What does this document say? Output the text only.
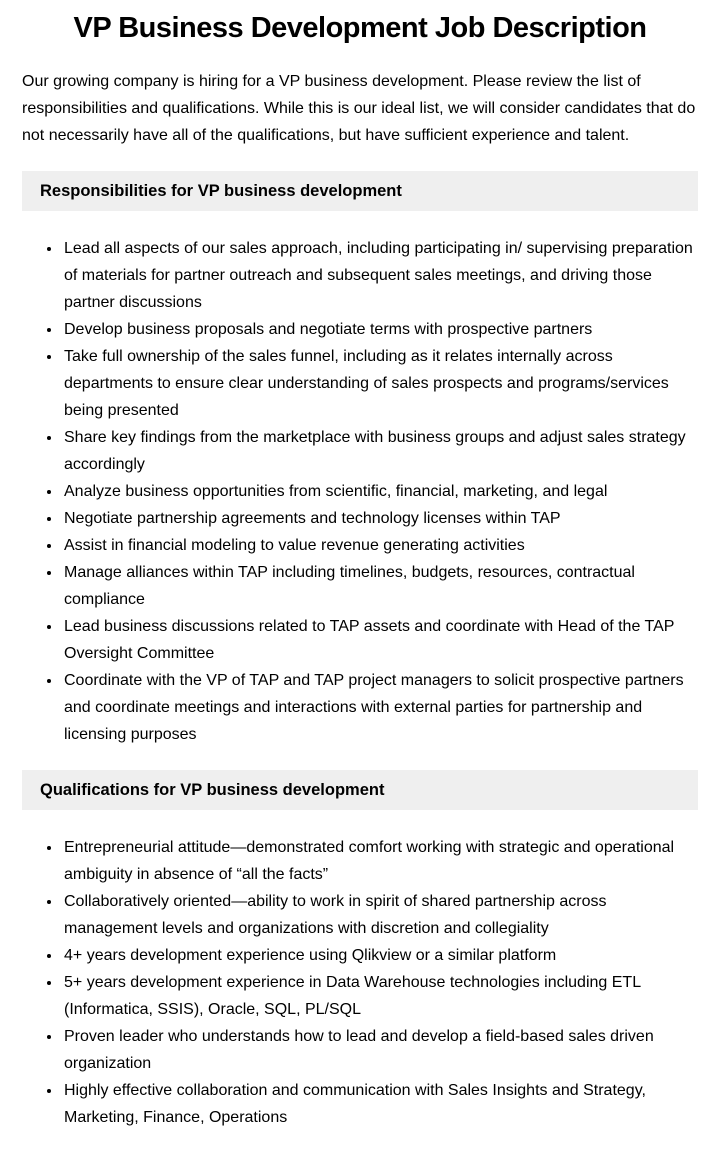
VP Business Development Job Description

Our growing company is hiring for a VP business development. Please review the list of responsibilities and qualifications. While this is our ideal list, we will consider candidates that do not necessarily have all of the qualifications, but have sufficient experience and talent.

Responsibilities for VP business development
• Lead all aspects of our sales approach, including participating in/ supervising preparation of materials for partner outreach and subsequent sales meetings, and driving those partner discussions
• Develop business proposals and negotiate terms with prospective partners
• Take full ownership of the sales funnel, including as it relates internally across departments to ensure clear understanding of sales prospects and programs/services being presented
• Share key findings from the marketplace with business groups and adjust sales strategy accordingly
• Analyze business opportunities from scientific, financial, marketing, and legal
• Negotiate partnership agreements and technology licenses within TAP
• Assist in financial modeling to value revenue generating activities
• Manage alliances within TAP including timelines, budgets, resources, contractual compliance
• Lead business discussions related to TAP assets and coordinate with Head of the TAP Oversight Committee
• Coordinate with the VP of TAP and TAP project managers to solicit prospective partners and coordinate meetings and interactions with external parties for partnership and licensing purposes
Qualifications for VP business development
• Entrepreneurial attitude—demonstrated comfort working with strategic and operational ambiguity in absence of “all the facts”
• Collaboratively oriented—ability to work in spirit of shared partnership across management levels and organizations with discretion and collegiality
• 4+ years development experience using Qlikview or a similar platform
• 5+ years development experience in Data Warehouse technologies including ETL (Informatica, SSIS), Oracle, SQL, PL/SQL
• Proven leader who understands how to lead and develop a field-based sales driven organization
• Highly effective collaboration and communication with Sales Insights and Strategy, Marketing, Finance, Operations
